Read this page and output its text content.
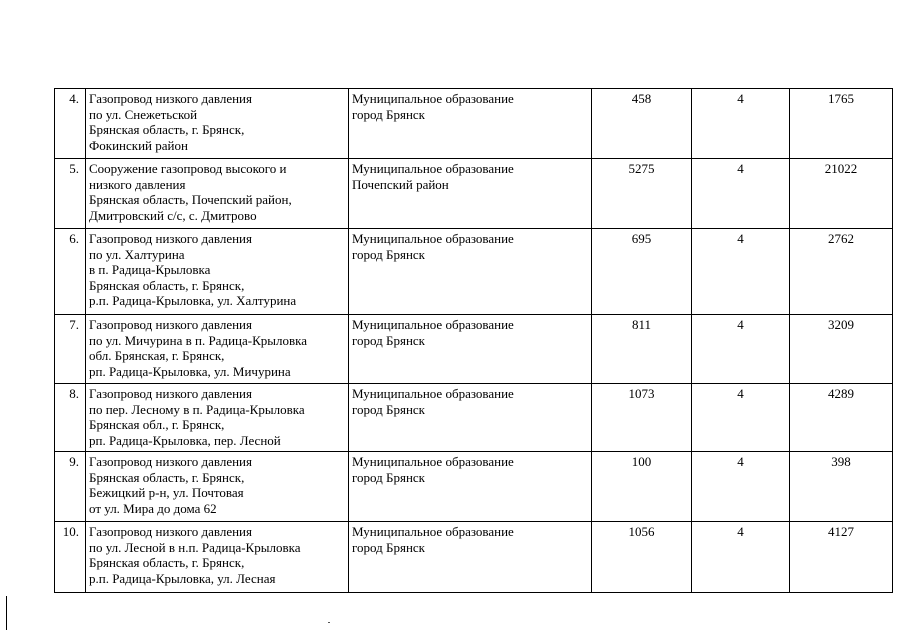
4.	Газопровод низкого давления
по ул. Снежетьской
Брянская область, г. Брянск,
Фокинский район	Муниципальное образование
город Брянск	458	4	1765
5.	Сооружение газопровод высокого и
низкого давления
Брянская область, Почепский район,
Дмитровский с/с, с. Дмитрово	Муниципальное образование
Почепский район	5275	4	21022
6.	Газопровод низкого давления
по ул. Халтурина
в п. Радица-Крыловка
Брянская область, г. Брянск,
р.п. Радица-Крыловка, ул. Халтурина	Муниципальное образование
город Брянск	695	4	2762
7.	Газопровод низкого давления
по ул. Мичурина в п. Радица-Крыловка
обл. Брянская, г. Брянск,
рп. Радица-Крыловка, ул. Мичурина	Муниципальное образование
город Брянск	811	4	3209
8.	Газопровод низкого давления
по пер. Лесному в п. Радица-Крыловка
Брянская обл., г. Брянск,
рп. Радица-Крыловка, пер. Лесной	Муниципальное образование
город Брянск	1073	4	4289
9.	Газопровод низкого давления
Брянская область, г. Брянск,
Бежицкий р-н, ул. Почтовая
от ул. Мира до дома 62	Муниципальное образование
город Брянск	100	4	398
10.	Газопровод низкого давления
по ул. Лесной в н.п. Радица-Крыловка
Брянская область, г. Брянск,
р.п. Радица-Крыловка, ул. Лесная	Муниципальное образование
город Брянск	1056	4	4127
